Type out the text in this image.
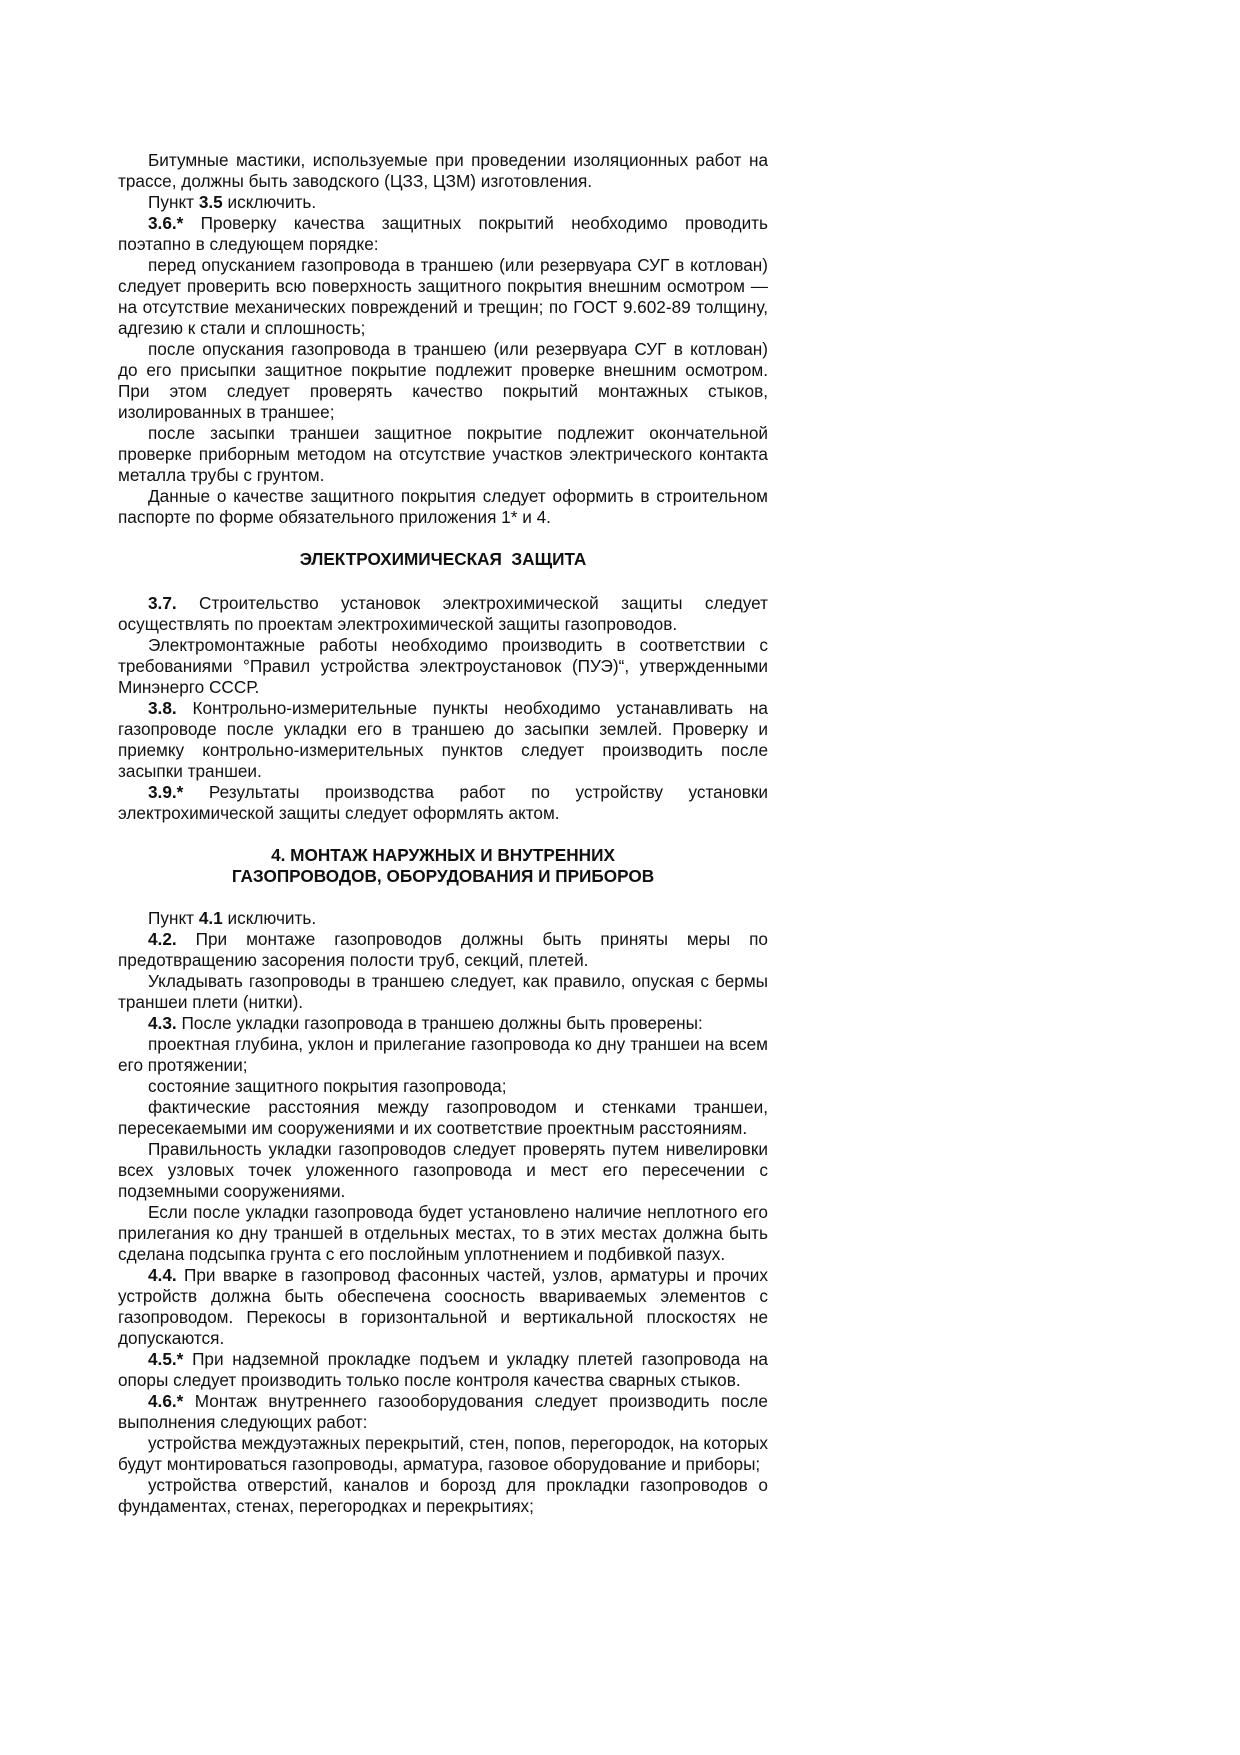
Битумные мастики, используемые при проведении изоляционных работ на трассе, должны быть заводского (ЦЗЗ, ЦЗМ) изготовления.

Пункт 3.5 исключить.

3.6.* Проверку качества защитных покрытий необходимо проводить поэтапно в следующем порядке:

перед опусканием газопровода в траншею (или резервуара СУГ в котлован) следует проверить всю поверхность защитного покрытия внешним осмотром — на отсутствие механических повреждений и трещин; по ГОСТ 9.602-89 толщину, адгезию к стали и сплошность;

после опускания газопровода в траншею (или резервуара СУГ в котлован) до его присыпки защитное покрытие подлежит проверке внешним осмотром. При этом следует проверять качество покрытий монтажных стыков, изолированных в траншее;

после засыпки траншеи защитное покрытие подлежит окончательной проверке приборным методом на отсутствие участков электрического контакта металла трубы с грунтом.

Данные о качестве защитного покрытия следует оформить в строительном паспорте по форме обязательного приложения 1* и 4.

ЭЛЕКТРОХИМИЧЕСКАЯ  ЗАЩИТА

3.7. Строительство установок электрохимической защиты следует осуществлять по проектам электрохимической защиты газопроводов.

Электромонтажные работы необходимо производить в соответствии с требованиями °Правил устройства электроустановок (ПУЭ)“, утвержденными Минэнерго СССР.

3.8. Контрольно-измерительные пункты необходимо устанавливать на газопроводе после укладки его в траншею до засыпки землей. Проверку и приемку контрольно-измерительных пунктов следует производить после засыпки траншеи.

3.9.* Результаты производства работ по устройству установки электрохимической защиты следует оформлять актом.

4. МОНТАЖ НАРУЖНЫХ И ВНУТРЕННИХ
ГАЗОПРОВОДОВ, ОБОРУДОВАНИЯ И ПРИБОРОВ

Пункт 4.1 исключить.

4.2. При монтаже газопроводов должны быть приняты меры по предотвращению засорения полости труб, секций, плетей.

Укладывать газопроводы в траншею следует, как правило, опуская с бермы траншеи плети (нитки).

4.3. После укладки газопровода в траншею должны быть проверены:

проектная глубина, уклон и прилегание газопровода ко дну траншеи на всем его протяжении;

состояние защитного покрытия газопровода;

фактические расстояния между газопроводом и стенками траншеи, пересекаемыми им сооружениями и их соответствие проектным расстояниям.

Правильность укладки газопроводов следует проверять путем нивелировки всех узловых точек уложенного газопровода и мест его пересечении с подземными сооружениями.

Если после укладки газопровода будет установлено наличие неплотного его прилегания ко дну траншей в отдельных местах, то в этих местах должна быть сделана подсыпка грунта с его послойным уплотнением и подбивкой пазух.

4.4. При вварке в газопровод фасонных частей, узлов, арматуры и прочих устройств должна быть обеспечена соосность ввариваемых элементов с газопроводом. Перекосы в горизонтальной и вертикальной плоскостях не допускаются.

4.5.* При надземной прокладке подъем и укладку плетей газопровода на опоры следует производить только после контроля качества сварных стыков.

4.6.* Монтаж внутреннего газооборудования следует производить после выполнения следующих работ:

устройства междуэтажных перекрытий, стен, попов, перегородок, на которых будут монтироваться газопроводы, арматура, газовое оборудование и приборы;

устройства отверстий, каналов и борозд для прокладки газопроводов о фундаментах, стенах, перегородках и перекрытиях;
